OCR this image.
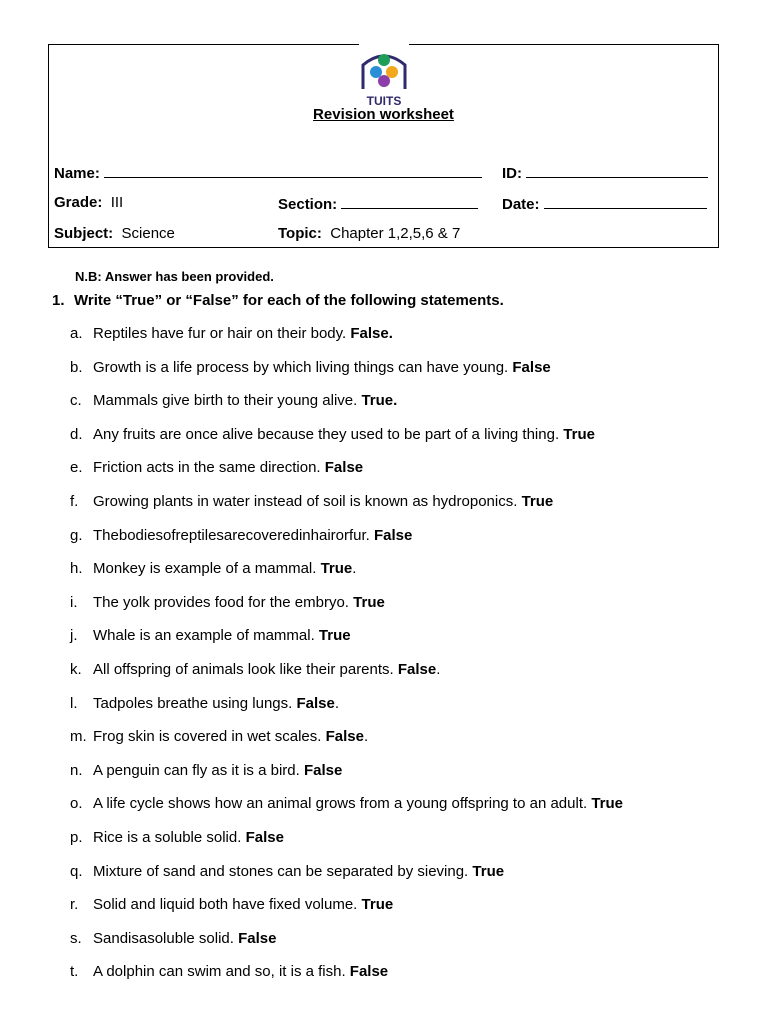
TUITS
Revision worksheet
Name:	ID:
Grade: III	Section:	Date:
Subject: Science	Topic: Chapter 1,2,5,6 & 7
N.B: Answer has been provided.
1. Write “True” or “False” for each of the following statements.
a. Reptiles have fur or hair on their body. False.
b. Growth is a life process by which living things can have young. False
c. Mammals give birth to their young alive. True.
d. Any fruits are once alive because they used to be part of a living thing. True
e. Friction acts in the same direction. False
f. Growing plants in water instead of soil is known as hydroponics. True
g. Thebodiesofreptilesarecoveredinhairorfur. False
h. Monkey is example of a mammal. True.
i. The yolk provides food for the embryo. True
j. Whale is an example of mammal. True
k. All offspring of animals look like their parents. False.
l. Tadpoles breathe using lungs. False.
m. Frog skin is covered in wet scales. False.
n. A penguin can fly as it is a bird. False
o. A life cycle shows how an animal grows from a young offspring to an adult. True
p. Rice is a soluble solid. False
q. Mixture of sand and stones can be separated by sieving. True
r. Solid and liquid both have fixed volume. True
s. Sandisasoluble solid. False
t. A dolphin can swim and so, it is a fish. False
